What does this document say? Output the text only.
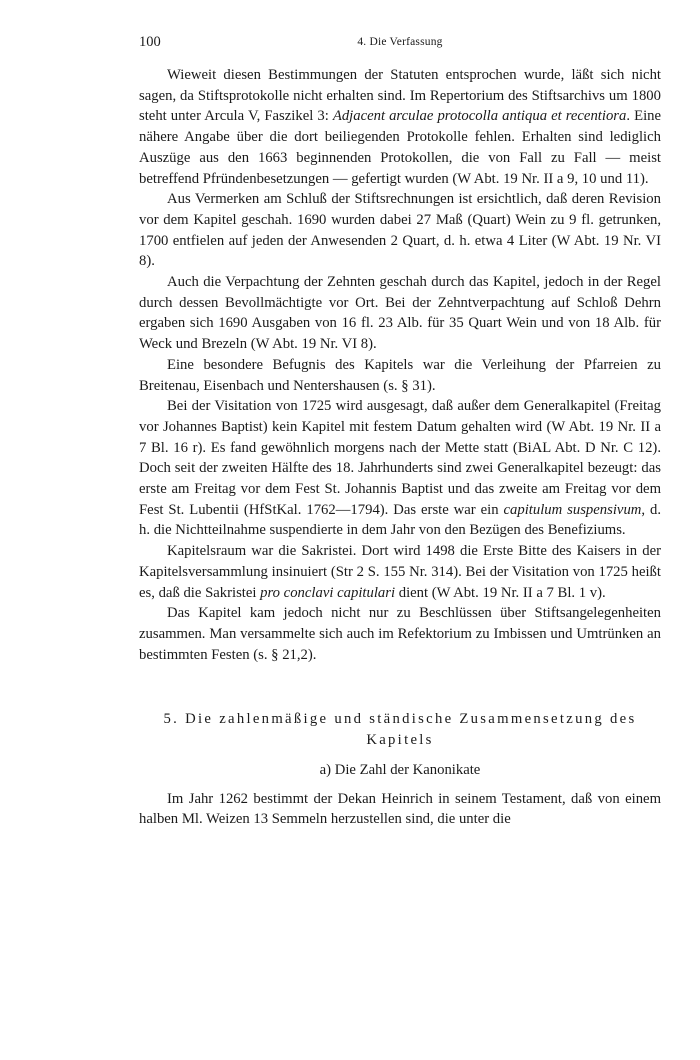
100	4. Die Verfassung

Wieweit diesen Bestimmungen der Statuten entsprochen wurde, läßt sich nicht sagen, da Stiftsprotokolle nicht erhalten sind. Im Repertorium des Stiftsarchivs um 1800 steht unter Arcula V, Faszikel 3: Adjacent arculae protocolla antiqua et recentiora. Eine nähere Angabe über die dort beiliegenden Protokolle fehlen. Erhalten sind lediglich Auszüge aus den 1663 beginnenden Protokollen, die von Fall zu Fall — meist betreffend Pfründenbesetzungen — gefertigt wurden (W Abt. 19 Nr. II a 9, 10 und 11).

Aus Vermerken am Schluß der Stiftsrechnungen ist ersichtlich, daß deren Revision vor dem Kapitel geschah. 1690 wurden dabei 27 Maß (Quart) Wein zu 9 fl. getrunken, 1700 entfielen auf jeden der Anwesenden 2 Quart, d. h. etwa 4 Liter (W Abt. 19 Nr. VI 8).

Auch die Verpachtung der Zehnten geschah durch das Kapitel, jedoch in der Regel durch dessen Bevollmächtigte vor Ort. Bei der Zehntverpachtung auf Schloß Dehrn ergaben sich 1690 Ausgaben von 16 fl. 23 Alb. für 35 Quart Wein und von 18 Alb. für Weck und Brezeln (W Abt. 19 Nr. VI 8).

Eine besondere Befugnis des Kapitels war die Verleihung der Pfarreien zu Breitenau, Eisenbach und Nentershausen (s. § 31).

Bei der Visitation von 1725 wird ausgesagt, daß außer dem Generalkapitel (Freitag vor Johannes Baptist) kein Kapitel mit festem Datum gehalten wird (W Abt. 19 Nr. II a 7 Bl. 16 r). Es fand gewöhnlich morgens nach der Mette statt (BiAL Abt. D Nr. C 12). Doch seit der zweiten Hälfte des 18. Jahrhunderts sind zwei Generalkapitel bezeugt: das erste am Freitag vor dem Fest St. Johannis Baptist und das zweite am Freitag vor dem Fest St. Lubentii (HfStKal. 1762—1794). Das erste war ein capitulum suspensivum, d. h. die Nichtteilnahme suspendierte in dem Jahr von den Bezügen des Benefiziums.

Kapitelsraum war die Sakristei. Dort wird 1498 die Erste Bitte des Kaisers in der Kapitelsversammlung insinuiert (Str 2 S. 155 Nr. 314). Bei der Visitation von 1725 heißt es, daß die Sakristei pro conclavi capitulari dient (W Abt. 19 Nr. II a 7 Bl. 1 v).

Das Kapitel kam jedoch nicht nur zu Beschlüssen über Stiftsangelegenheiten zusammen. Man versammelte sich auch im Refektorium zu Imbissen und Umtrünken an bestimmten Festen (s. § 21,2).

5. Die zahlenmäßige und ständische Zusammensetzung des Kapitels
a) Die Zahl der Kanonikate

Im Jahr 1262 bestimmt der Dekan Heinrich in seinem Testament, daß von einem halben Ml. Weizen 13 Semmeln herzustellen sind, die unter die
